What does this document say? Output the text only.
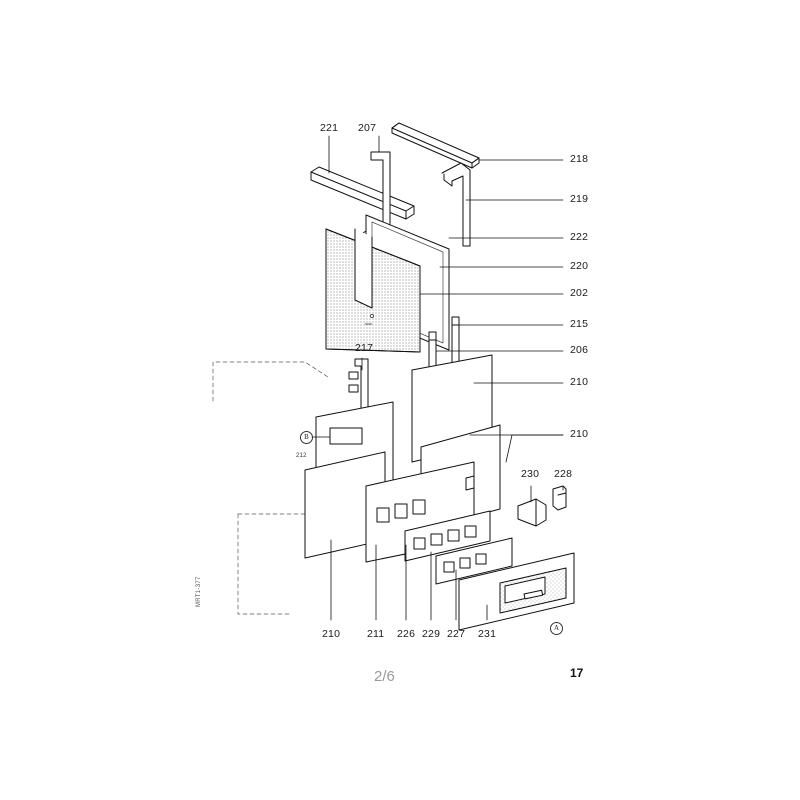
221 207
218
219
222
220
202
215
206
210
210
217
230 228
210	211 226 229 227 231
B
A
212
MRT1-377
2/6	17
